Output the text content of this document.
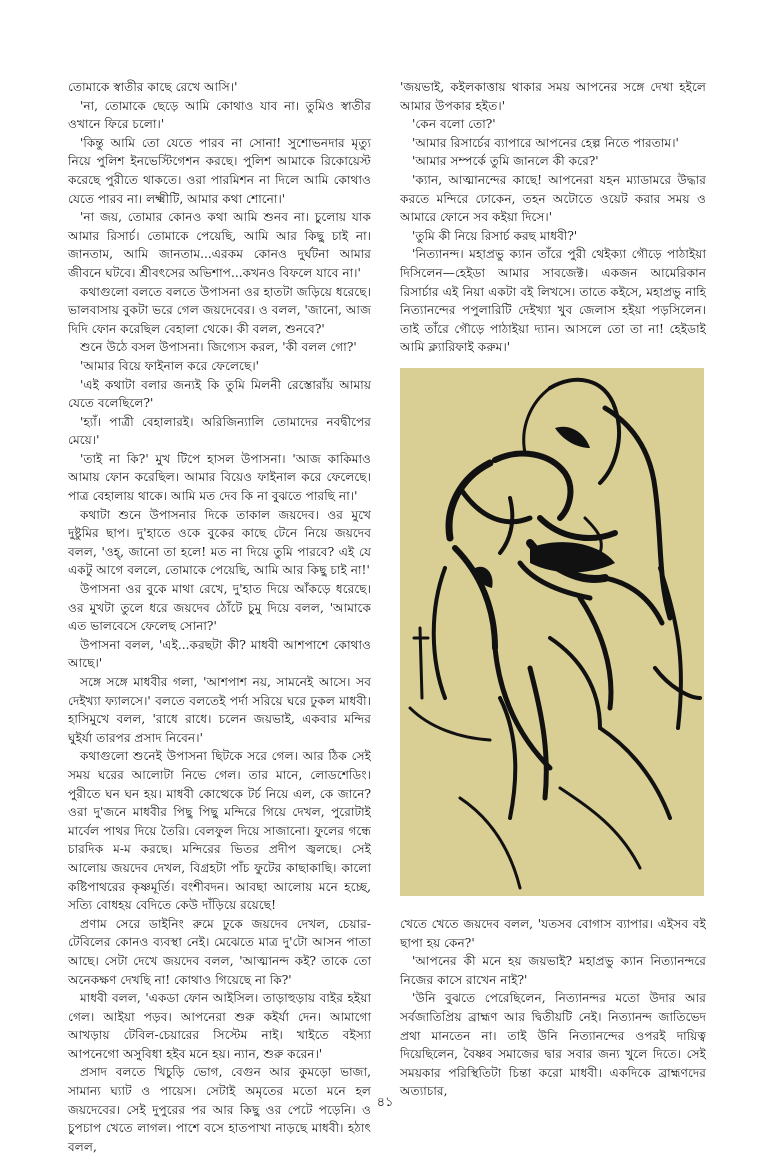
তোমাকে স্বাতীর কাছে রেখে আসি।'

'না, তোমাকে ছেড়ে আমি কোথাও যাব না। তুমিও স্বাতীর ওখানে ফিরে চলো।'

'কিন্তু আমি তো যেতে পারব না সোনা! সুশোভনদার মৃত্যু নিয়ে পুলিশ ইনভেস্টিগেশন করছে। পুলিশ আমাকে রিকোয়েস্ট করেছে পুরীতে থাকতে। ওরা পারমিশন না দিলে আমি কোথাও যেতে পারব না। লক্ষ্মীটি, আমার কথা শোনো।'

'না জয়, তোমার কোনও কথা আমি শুনব না। চুলোয় যাক আমার রিসার্চ। তোমাকে পেয়েছি, আমি আর কিছু চাই না। জানতাম, আমি জানতাম...এরকম কোনও দুর্ঘটনা আমার জীবনে ঘটবে। শ্রীবৎসের অভিশাপ...কখনও বিফলে যাবে না।'

কথাগুলো বলতে বলতে উপাসনা ওর হাতটা জড়িয়ে ধরেছে। ভালবাসায় বুকটা ভরে গেল জয়দেবের। ও বলল, 'জানো, আজ দিদি ফোন করেছিল বেহালা থেকে। কী বলল, শুনবে?'

শুনে উঠে বসল উপাসনা। জিগ্যেস করল, 'কী বলল গো?'

'আমার বিয়ে ফাইনাল করে ফেলেছে।'

'এই কথাটা বলার জন্যই কি তুমি মিলনী রেস্তোরাঁয় আমায় যেতে বলেছিলে?'

'হ্যাঁ। পাত্রী বেহালারই। অরিজিন্যালি তোমাদের নবদ্বীপের মেয়ে।'

'তাই না কি?' মুখ টিপে হাসল উপাসনা। 'আজ কাকিমাও আমায় ফোন করেছিল। আমার বিয়েও ফাইনাল করে ফেলেছে। পাত্র বেহালায় থাকে। আমি মত দেব কি না বুঝতে পারছি না।'

কথাটা শুনে উপাসনার দিকে তাকাল জয়দেব। ওর মুখে দুষ্টুমির ছাপ। দু'হাতে ওকে বুকের কাছে টেনে নিয়ে জয়দেব বলল, 'ওহ্, জানো তা হলে! মত না দিয়ে তুমি পারবে? এই যে একটু আগে বললে, তোমাকে পেয়েছি, আমি আর কিছু চাই না!'

উপাসনা ওর বুকে মাথা রেখে, দু'হাত দিয়ে আঁকড়ে ধরেছে। ওর মুখটা তুলে ধরে জয়দেব ঠোঁটে চুমু দিয়ে বলল, 'আমাকে এত ভালবেসে ফেলেছ সোনা?'

উপাসনা বলল, 'এই...করছটা কী? মাধবী আশপাশে কোথাও আছে।'

সঙ্গে সঙ্গে মাধবীর গলা, 'আশপাশ নয়, সামনেই আসে। সব দেইখ্যা ফ্যালসে।' বলতে বলতেই পর্দা সরিয়ে ঘরে ঢুকল মাধবী। হাসিমুখে বলল, 'রাধে রাধে। চলেন জয়ভাই, একবার মন্দির ঘুইর্যা তারপর প্রসাদ নিবেন।'

কথাগুলো শুনেই উপাসনা ছিটকে সরে গেল। আর ঠিক সেই সময় ঘরের আলোটা নিভে গেল। তার মানে, লোডশেডিং। পুরীতে ঘন ঘন হয়। মাধবী কোত্থেকে টর্চ নিয়ে এল, কে জানে? ওরা দু'জনে মাধবীর পিছু পিছু মন্দিরে গিয়ে দেখল, পুরোটাই মার্বেল পাথর দিয়ে তৈরি। বেলফুল দিয়ে সাজানো। ফুলের গন্ধে চারদিক ম-ম করছে। মন্দিরের ভিতর প্রদীপ জ্বলছে। সেই আলোয় জয়দেব দেখল, বিগ্রহটা পাঁচ ফুটের কাছাকাছি। কালো কষ্টিপাথরের কৃষ্ণমূর্তি। বংশীবদন। আবছা আলোয় মনে হচ্ছে, সত্যি বোধহয় বেদিতে কেউ দাঁড়িয়ে রয়েছে!

প্রণাম সেরে ডাইনিং রুমে ঢুকে জয়দেব দেখল, চেয়ার-টেবিলের কোনও ব্যবস্থা নেই। মেঝেতে মাত্র দু'টো আসন পাতা আছে। সেটা দেখে জয়দেব বলল, 'আত্মানন্দ কই? তাকে তো অনেকক্ষণ দেখছি না! কোথাও গিয়েছে না কি?'

মাধবী বলল, 'একডা ফোন আইসিল। তাড়াহুড়ায় বাইর হইয়া গেল। আইয়া পড়ব। আপনেরা শুরু কইর্যা দেন। আমাগো আখড়ায় টেবিল-চেয়ারের সিস্টেম নাই। খাইতে বইস্যা আপনেগো অসুবিধা হইব মনে হয়। ন্যান, শুরু করেন।'

প্রসাদ বলতে খিচুড়ি ভোগ, বেগুন আর কুমড়ো ভাজা, সামান্য ঘ্যাট ও পায়েস। সেটাই অমৃতের মতো মনে হল জয়দেবের। সেই দুপুরের পর আর কিছু ওর পেটে পড়েনি। ও চুপচাপ খেতে লাগল। পাশে বসে হাতপাখা নাড়ছে মাধবী। হঠাৎ বলল,

'জয়ভাই, কইলকাত্তায় থাকার সময় আপনের সঙ্গে দেখা হইলে আমার উপকার হইত।'

'কেন বলো তো?'

'আমার রিসার্চের ব্যাপারে আপনের হেল্প নিতে পারতাম।'

'আমার সম্পর্কে তুমি জানলে কী করে?'

'ক্যান, আত্মানন্দের কাছে! আপনেরা যহন ম্যাডামরে উদ্ধার করতে মন্দিরে ঢোকেন, তহন অটোতে ওয়েট করার সময় ও আমারে ফোনে সব কইয়া দিসে।'

'তুমি কী নিয়ে রিসার্চ করছ মাধবী?'

'নিত্যানন্দ। মহাপ্রভু ক্যান তাঁরে পুরী থেইক্যা গৌড়ে পাঠাইয়া দিসিলেন—হেইডা আমার সাবজেক্ট। একজন আমেরিকান রিসার্চার এই নিয়া একটা বই লিখসে। তাতে কইসে, মহাপ্রভু নাহি নিত্যানন্দের পপুলারিটি দেইখ্যা খুব জেলাস হইয়া পড়সিলেন। তাই তাঁরে গৌড়ে পাঠাইয়া দ্যান। আসলে তো তা না! হেইডাই আমি ক্ল্যারিফাই করুম।'

খেতে খেতে জয়দেব বলল, 'যতসব বোগাস ব্যাপার। এইসব বই ছাপা হয় কেন?'

'আপনের কী মনে হয় জয়ভাই? মহাপ্রভু ক্যান নিত্যানন্দরে নিজের কাসে রাখেন নাই?'

'উনি বুঝতে পেরেছিলেন, নিত্যানন্দর মতো উদার আর সর্বজাতিপ্রিয় ব্রাহ্মণ আর দ্বিতীয়টি নেই। নিত্যানন্দ জাতিভেদ প্রথা মানতেন না। তাই উনি নিত্যানন্দের ওপরই দায়িত্ব দিয়েছিলেন, বৈষ্ণব সমাজের দ্বার সবার জন্য খুলে দিতে। সেই সময়কার পরিস্থিতিটা চিন্তা করো মাধবী। একদিকে ব্রাহ্মণদের অত্যাচার,

৪১
